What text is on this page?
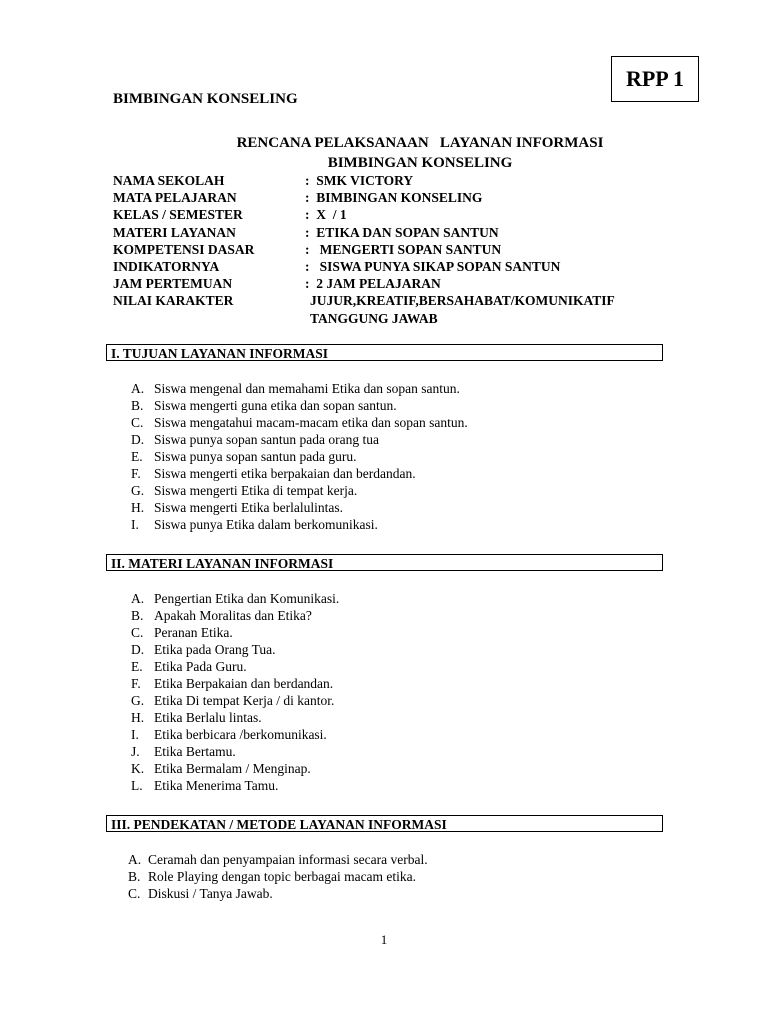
RPP 1
BIMBINGAN KONSELING
RENCANA PELAKSANAAN   LAYANAN INFORMASI
BIMBINGAN KONSELING
NAMA SEKOLAH	:  SMK VICTORY
MATA PELAJARAN	:  BIMBINGAN KONSELING
KELAS / SEMESTER	:  X  / 1
MATERI LAYANAN	:  ETIKA DAN SOPAN SANTUN
KOMPETENSI DASAR	:   MENGERTI SOPAN SANTUN
INDIKATORNYA	:   SISWA PUNYA SIKAP SOPAN SANTUN
JAM PERTEMUAN	:  2 JAM PELAJARAN
NILAI KARAKTER	JUJUR,KREATIF,BERSAHABAT/KOMUNIKATIF
TANGGUNG JAWAB
I. TUJUAN LAYANAN INFORMASI
A. Siswa mengenal dan memahami Etika dan sopan santun.
B. Siswa mengerti guna etika dan sopan santun.
C. Siswa mengatahui macam-macam etika dan sopan santun.
D. Siswa punya sopan santun pada orang tua
E. Siswa punya sopan santun pada guru.
F. Siswa mengerti etika berpakaian dan berdandan.
G. Siswa mengerti Etika di tempat kerja.
H. Siswa mengerti Etika berlalulintas.
I. Siswa punya Etika dalam berkomunikasi.
II. MATERI LAYANAN INFORMASI
A. Pengertian Etika dan Komunikasi.
B. Apakah Moralitas dan Etika?
C. Peranan Etika.
D. Etika pada Orang Tua.
E. Etika Pada Guru.
F. Etika Berpakaian dan berdandan.
G. Etika Di tempat Kerja / di kantor.
H. Etika Berlalu lintas.
I. Etika berbicara /berkomunikasi.
J. Etika Bertamu.
K. Etika Bermalam / Menginap.
L. Etika Menerima Tamu.
III. PENDEKATAN / METODE LAYANAN INFORMASI
A. Ceramah dan penyampaian informasi secara verbal.
B. Role Playing dengan topic berbagai macam etika.
C. Diskusi / Tanya Jawab.
1
